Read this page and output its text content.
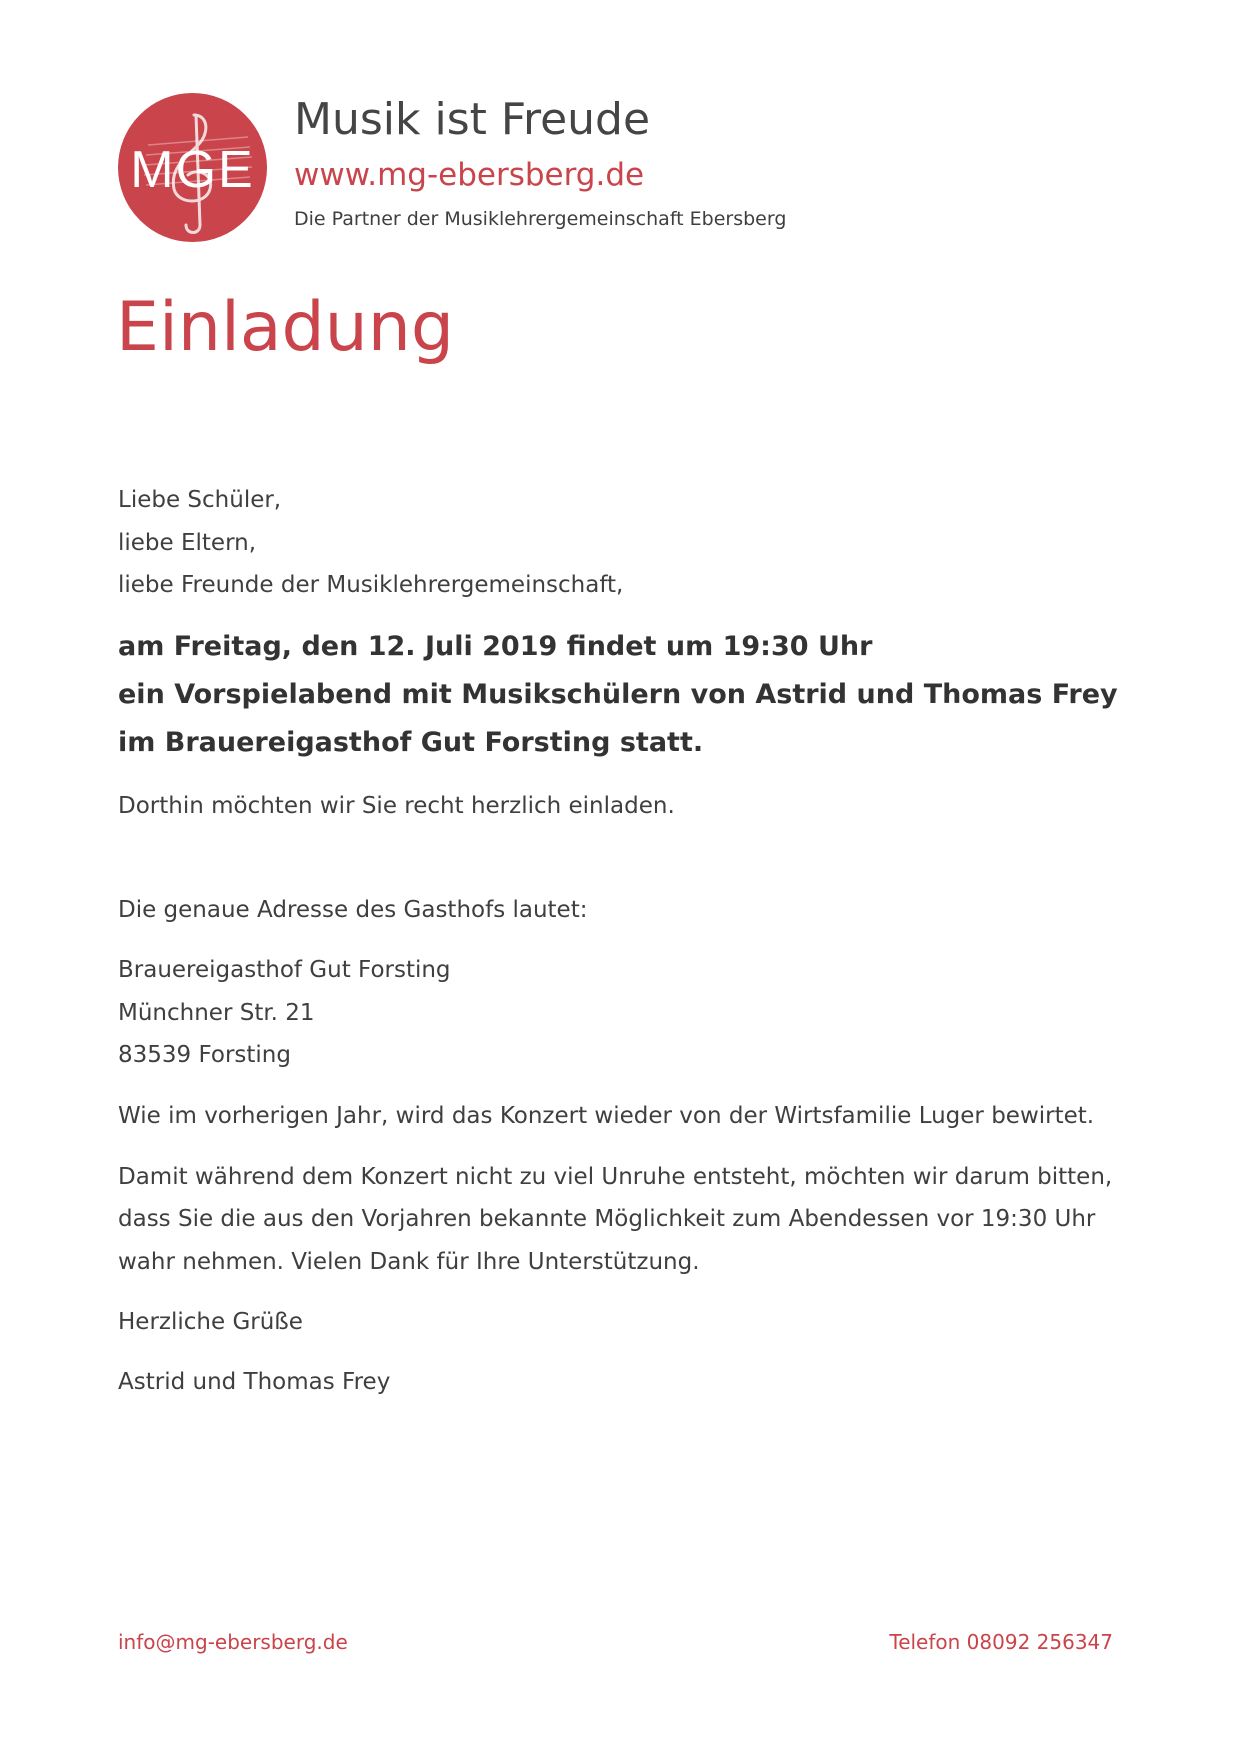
MGE
Musik ist Freude
www.mg-ebersberg.de
Die Partner der Musiklehrergemeinschaft Ebersberg
Einladung
Liebe Schüler,
liebe Eltern,
liebe Freunde der Musiklehrergemeinschaft,
am Freitag, den 12. Juli 2019 findet um 19:30 Uhr
ein Vorspielabend mit Musikschülern von Astrid und Thomas Frey
im Brauereigasthof Gut Forsting statt.
Dorthin möchten wir Sie recht herzlich einladen.
Die genaue Adresse des Gasthofs lautet:
Brauereigasthof Gut Forsting
Münchner Str. 21
83539 Forsting
Wie im vorherigen Jahr, wird das Konzert wieder von der Wirtsfamilie Luger bewirtet.
Damit während dem Konzert nicht zu viel Unruhe entsteht, möchten wir darum bitten,
dass Sie die aus den Vorjahren bekannte Möglichkeit zum Abendessen vor 19:30 Uhr
wahr nehmen. Vielen Dank für Ihre Unterstützung.
Herzliche Grüße
Astrid und Thomas Frey
info@mg-ebersberg.de	Telefon 08092 256347
